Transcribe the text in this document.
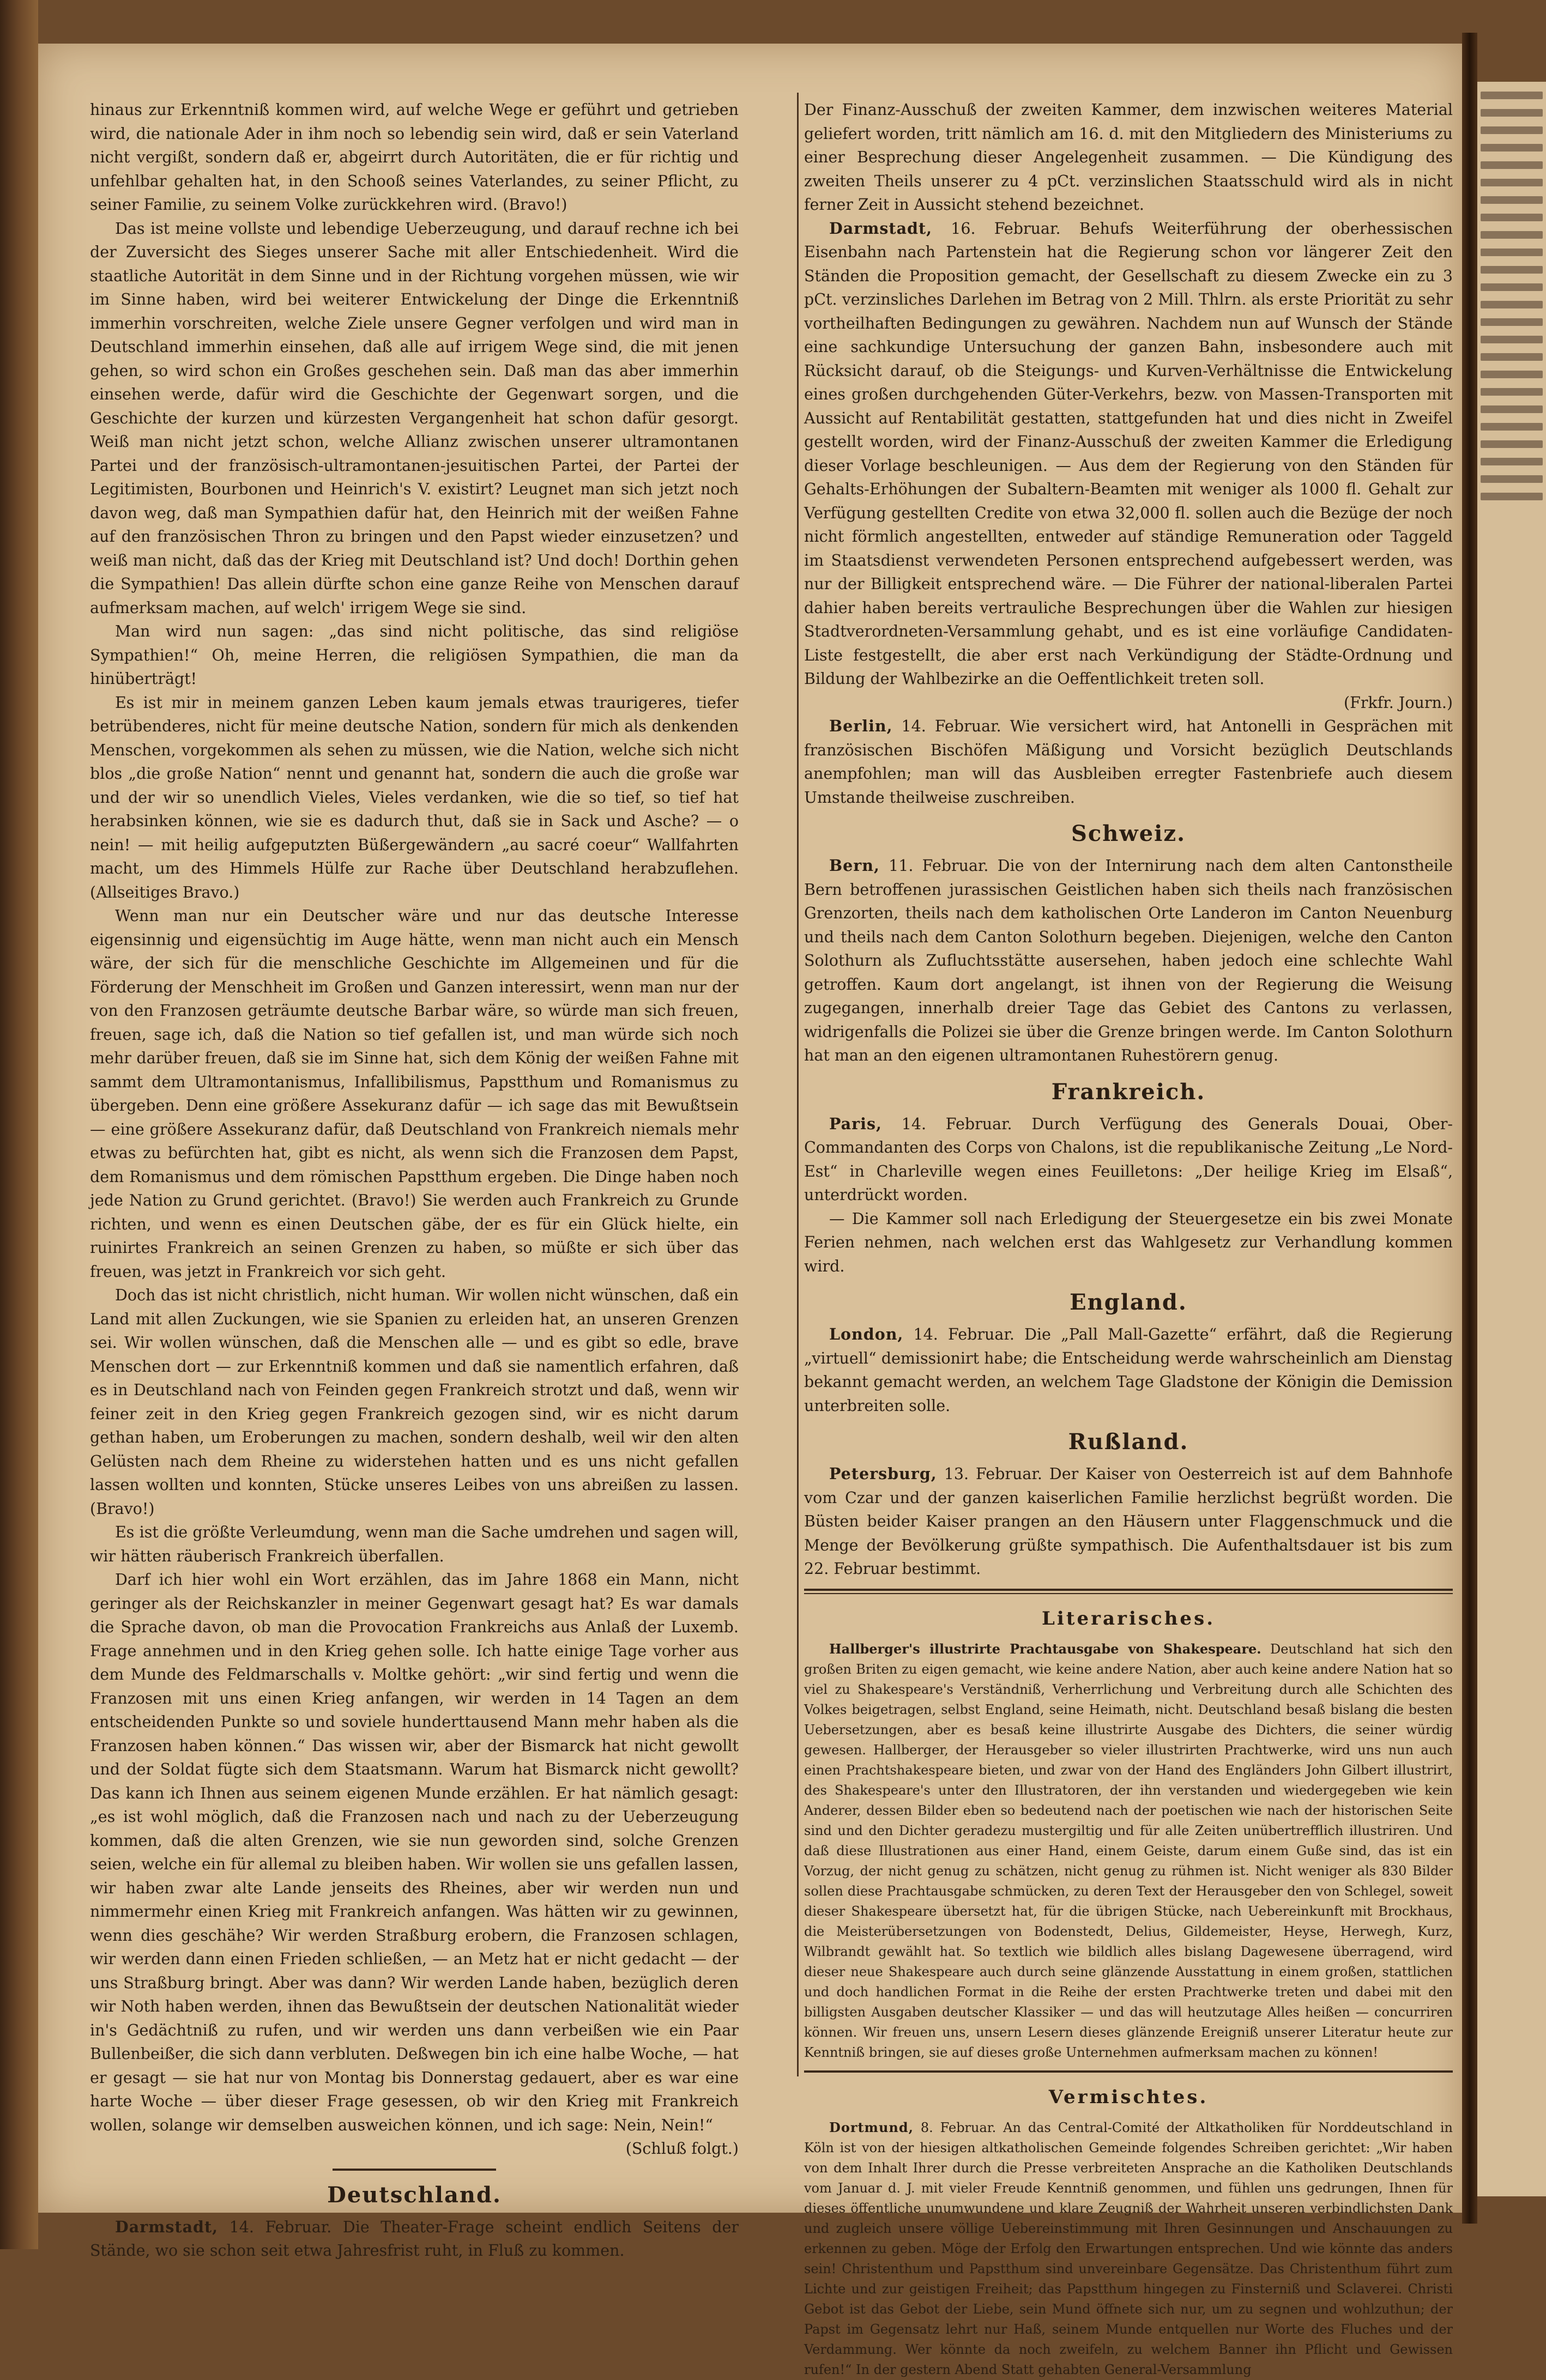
hinaus zur Erkenntniß kommen wird, auf welche Wege er geführt und getrieben wird, die nationale Ader in ihm noch so lebendig sein wird, daß er sein Vaterland nicht vergißt, sondern daß er, abgeirrt durch Autoritäten, die er für richtig und unfehlbar gehalten hat, in den Schooß seines Vaterlandes, zu seiner Pflicht, zu seiner Familie, zu seinem Volke zurückkehren wird. (Bravo!)

Das ist meine vollste und lebendige Ueberzeugung, und darauf rechne ich bei der Zuversicht des Sieges unserer Sache mit aller Entschiedenheit. Wird die staatliche Autorität in dem Sinne und in der Richtung vorgehen müssen, wie wir im Sinne haben, wird bei weiterer Entwickelung der Dinge die Erkenntniß immerhin vorschreiten, welche Ziele unsere Gegner verfolgen und wird man in Deutschland immerhin einsehen, daß alle auf irrigem Wege sind, die mit jenen gehen, so wird schon ein Großes geschehen sein. Daß man das aber immerhin einsehen werde, dafür wird die Geschichte der Gegenwart sorgen, und die Geschichte der kurzen und kürzesten Vergangenheit hat schon dafür gesorgt. Weiß man nicht jetzt schon, welche Allianz zwischen unserer ultramontanen Partei und der französisch-ultramontanen-jesuitischen Partei, der Partei der Legitimisten, Bourbonen und Heinrich's V. existirt? Leugnet man sich jetzt noch davon weg, daß man Sympathien dafür hat, den Heinrich mit der weißen Fahne auf den französischen Thron zu bringen und den Papst wieder einzusetzen? und weiß man nicht, daß das der Krieg mit Deutschland ist? Und doch! Dorthin gehen die Sympathien! Das allein dürfte schon eine ganze Reihe von Menschen darauf aufmerksam machen, auf welch' irrigem Wege sie sind.

Man wird nun sagen: „das sind nicht politische, das sind religiöse Sympathien!“ Oh, meine Herren, die religiösen Sympathien, die man da hinüberträgt!

Es ist mir in meinem ganzen Leben kaum jemals etwas traurigeres, tiefer betrübenderes, nicht für meine deutsche Nation, sondern für mich als denkenden Menschen, vorgekommen als sehen zu müssen, wie die Nation, welche sich nicht blos „die große Nation“ nennt und genannt hat, sondern die auch die große war und der wir so unendlich Vieles, Vieles verdanken, wie die so tief, so tief hat herabsinken können, wie sie es dadurch thut, daß sie in Sack und Asche? — o nein! — mit heilig aufgeputzten Büßergewändern „au sacré coeur“ Wallfahrten macht, um des Himmels Hülfe zur Rache über Deutschland herabzuflehen. (Allseitiges Bravo.)

Wenn man nur ein Deutscher wäre und nur das deutsche Interesse eigensinnig und eigensüchtig im Auge hätte, wenn man nicht auch ein Mensch wäre, der sich für die menschliche Geschichte im Allgemeinen und für die Förderung der Menschheit im Großen und Ganzen interessirt, wenn man nur der von den Franzosen geträumte deutsche Barbar wäre, so würde man sich freuen, freuen, sage ich, daß die Nation so tief gefallen ist, und man würde sich noch mehr darüber freuen, daß sie im Sinne hat, sich dem König der weißen Fahne mit sammt dem Ultramontanismus, Infallibilismus, Papstthum und Romanismus zu übergeben. Denn eine größere Assekuranz dafür — ich sage das mit Bewußtsein — eine größere Assekuranz dafür, daß Deutschland von Frankreich niemals mehr etwas zu befürchten hat, gibt es nicht, als wenn sich die Franzosen dem Papst, dem Romanismus und dem römischen Papstthum ergeben. Die Dinge haben noch jede Nation zu Grund gerichtet. (Bravo!) Sie werden auch Frankreich zu Grunde richten, und wenn es einen Deutschen gäbe, der es für ein Glück hielte, ein ruinirtes Frankreich an seinen Grenzen zu haben, so müßte er sich über das freuen, was jetzt in Frankreich vor sich geht.

Doch das ist nicht christlich, nicht human. Wir wollen nicht wünschen, daß ein Land mit allen Zuckungen, wie sie Spanien zu erleiden hat, an unseren Grenzen sei. Wir wollen wünschen, daß die Menschen alle — und es gibt so edle, brave Menschen dort — zur Erkenntniß kommen und daß sie namentlich erfahren, daß es in Deutschland nach von Feinden gegen Frankreich strotzt und daß, wenn wir feiner zeit in den Krieg gegen Frankreich gezogen sind, wir es nicht darum gethan haben, um Eroberungen zu machen, sondern deshalb, weil wir den alten Gelüsten nach dem Rheine zu widerstehen hatten und es uns nicht gefallen lassen wollten und konnten, Stücke unseres Leibes von uns abreißen zu lassen. (Bravo!)

Es ist die größte Verleumdung, wenn man die Sache umdrehen und sagen will, wir hätten räuberisch Frankreich überfallen.

Darf ich hier wohl ein Wort erzählen, das im Jahre 1868 ein Mann, nicht geringer als der Reichskanzler in meiner Gegenwart gesagt hat? Es war damals die Sprache davon, ob man die Provocation Frankreichs aus Anlaß der Luxemb. Frage annehmen und in den Krieg gehen solle. Ich hatte einige Tage vorher aus dem Munde des Feldmarschalls v. Moltke gehört: „wir sind fertig und wenn die Franzosen mit uns einen Krieg anfangen, wir werden in 14 Tagen an dem entscheidenden Punkte so und soviele hunderttausend Mann mehr haben als die Franzosen haben können.“ Das wissen wir, aber der Bismarck hat nicht gewollt und der Soldat fügte sich dem Staatsmann. Warum hat Bismarck nicht gewollt? Das kann ich Ihnen aus seinem eigenen Munde erzählen. Er hat nämlich gesagt: „es ist wohl möglich, daß die Franzosen nach und nach zu der Ueberzeugung kommen, daß die alten Grenzen, wie sie nun geworden sind, solche Grenzen seien, welche ein für allemal zu bleiben haben. Wir wollen sie uns gefallen lassen, wir haben zwar alte Lande jenseits des Rheines, aber wir werden nun und nimmermehr einen Krieg mit Frankreich anfangen. Was hätten wir zu gewinnen, wenn dies geschähe? Wir werden Straßburg erobern, die Franzosen schlagen, wir werden dann einen Frieden schließen, — an Metz hat er nicht gedacht — der uns Straßburg bringt. Aber was dann? Wir werden Lande haben, bezüglich deren wir Noth haben werden, ihnen das Bewußtsein der deutschen Nationalität wieder in's Gedächtniß zu rufen, und wir werden uns dann verbeißen wie ein Paar Bullenbeißer, die sich dann verbluten. Deßwegen bin ich eine halbe Woche, — hat er gesagt — sie hat nur von Montag bis Donnerstag gedauert, aber es war eine harte Woche — über dieser Frage gesessen, ob wir den Krieg mit Frankreich wollen, solange wir demselben ausweichen können, und ich sage: Nein, Nein!“

(Schluß folgt.)
Deutschland.

Darmstadt, 14. Februar. Die Theater-Frage scheint endlich Seitens der Stände, wo sie schon seit etwa Jahresfrist ruht, in Fluß zu kommen.

Der Finanz-Ausschuß der zweiten Kammer, dem inzwischen weiteres Material geliefert worden, tritt nämlich am 16. d. mit den Mitgliedern des Ministeriums zu einer Besprechung dieser Angelegenheit zusammen. — Die Kündigung des zweiten Theils unserer zu 4 pCt. verzinslichen Staatsschuld wird als in nicht ferner Zeit in Aussicht stehend bezeichnet.

Darmstadt, 16. Februar. Behufs Weiterführung der oberhessischen Eisenbahn nach Partenstein hat die Regierung schon vor längerer Zeit den Ständen die Proposition gemacht, der Gesellschaft zu diesem Zwecke ein zu 3 pCt. verzinsliches Darlehen im Betrag von 2 Mill. Thlrn. als erste Priorität zu sehr vortheilhaften Bedingungen zu gewähren. Nachdem nun auf Wunsch der Stände eine sachkundige Untersuchung der ganzen Bahn, insbesondere auch mit Rücksicht darauf, ob die Steigungs- und Kurven-Verhältnisse die Entwickelung eines großen durchgehenden Güter-Verkehrs, bezw. von Massen-Transporten mit Aussicht auf Rentabilität gestatten, stattgefunden hat und dies nicht in Zweifel gestellt worden, wird der Finanz-Ausschuß der zweiten Kammer die Erledigung dieser Vorlage beschleunigen. — Aus dem der Regierung von den Ständen für Gehalts-Erhöhungen der Subaltern-Beamten mit weniger als 1000 fl. Gehalt zur Verfügung gestellten Credite von etwa 32,000 fl. sollen auch die Bezüge der noch nicht förmlich angestellten, entweder auf ständige Remuneration oder Taggeld im Staatsdienst verwendeten Personen entsprechend aufgebessert werden, was nur der Billigkeit entsprechend wäre. — Die Führer der national-liberalen Partei dahier haben bereits vertrauliche Besprechungen über die Wahlen zur hiesigen Stadtverordneten-Versammlung gehabt, und es ist eine vorläufige Candidaten-Liste festgestellt, die aber erst nach Verkündigung der Städte-Ordnung und Bildung der Wahlbezirke an die Oeffentlichkeit treten soll.

(Frkfr. Journ.)

Berlin, 14. Februar. Wie versichert wird, hat Antonelli in Gesprächen mit französischen Bischöfen Mäßigung und Vorsicht bezüglich Deutschlands anempfohlen; man will das Ausbleiben erregter Fastenbriefe auch diesem Umstande theilweise zuschreiben.

Schweiz.

Bern, 11. Februar. Die von der Internirung nach dem alten Cantonstheile Bern betroffenen jurassischen Geistlichen haben sich theils nach französischen Grenzorten, theils nach dem katholischen Orte Landeron im Canton Neuenburg und theils nach dem Canton Solothurn begeben. Diejenigen, welche den Canton Solothurn als Zufluchtsstätte ausersehen, haben jedoch eine schlechte Wahl getroffen. Kaum dort angelangt, ist ihnen von der Regierung die Weisung zugegangen, innerhalb dreier Tage das Gebiet des Cantons zu verlassen, widrigenfalls die Polizei sie über die Grenze bringen werde. Im Canton Solothurn hat man an den eigenen ultramontanen Ruhestörern genug.

Frankreich.

Paris, 14. Februar. Durch Verfügung des Generals Douai, Ober-Commandanten des Corps von Chalons, ist die republikanische Zeitung „Le Nord-Est“ in Charleville wegen eines Feuilletons: „Der heilige Krieg im Elsaß“, unterdrückt worden.

— Die Kammer soll nach Erledigung der Steuergesetze ein bis zwei Monate Ferien nehmen, nach welchen erst das Wahlgesetz zur Verhandlung kommen wird.

England.

London, 14. Februar. Die „Pall Mall-Gazette“ erfährt, daß die Regierung „virtuell“ demissionirt habe; die Entscheidung werde wahrscheinlich am Dienstag bekannt gemacht werden, an welchem Tage Gladstone der Königin die Demission unterbreiten solle.

Rußland.

Petersburg, 13. Februar. Der Kaiser von Oesterreich ist auf dem Bahnhofe vom Czar und der ganzen kaiserlichen Familie herzlichst begrüßt worden. Die Büsten beider Kaiser prangen an den Häusern unter Flaggenschmuck und die Menge der Bevölkerung grüßte sympathisch. Die Aufenthaltsdauer ist bis zum 22. Februar bestimmt.

Literarisches.

Hallberger's illustrirte Prachtausgabe von Shakespeare. Deutschland hat sich den großen Briten zu eigen gemacht, wie keine andere Nation, aber auch keine andere Nation hat so viel zu Shakespeare's Verständniß, Verherrlichung und Verbreitung durch alle Schichten des Volkes beigetragen, selbst England, seine Heimath, nicht. Deutschland besaß bislang die besten Uebersetzungen, aber es besaß keine illustrirte Ausgabe des Dichters, die seiner würdig gewesen. Hallberger, der Herausgeber so vieler illustrirten Prachtwerke, wird uns nun auch einen Prachtshakespeare bieten, und zwar von der Hand des Engländers John Gilbert illustrirt, des Shakespeare's unter den Illustratoren, der ihn verstanden und wiedergegeben wie kein Anderer, dessen Bilder eben so bedeutend nach der poetischen wie nach der historischen Seite sind und den Dichter geradezu mustergiltig und für alle Zeiten unübertrefflich illustriren. Und daß diese Illustrationen aus einer Hand, einem Geiste, darum einem Guße sind, das ist ein Vorzug, der nicht genug zu schätzen, nicht genug zu rühmen ist. Nicht weniger als 830 Bilder sollen diese Prachtausgabe schmücken, zu deren Text der Herausgeber den von Schlegel, soweit dieser Shakespeare übersetzt hat, für die übrigen Stücke, nach Uebereinkunft mit Brockhaus, die Meisterübersetzungen von Bodenstedt, Delius, Gildemeister, Heyse, Herwegh, Kurz, Wilbrandt gewählt hat. So textlich wie bildlich alles bislang Dagewesene überragend, wird dieser neue Shakespeare auch durch seine glänzende Ausstattung in einem großen, stattlichen und doch handlichen Format in die Reihe der ersten Prachtwerke treten und dabei mit den billigsten Ausgaben deutscher Klassiker — und das will heutzutage Alles heißen — concurriren können. Wir freuen uns, unsern Lesern dieses glänzende Ereigniß unserer Literatur heute zur Kenntniß bringen, sie auf dieses große Unternehmen aufmerksam machen zu können!

Vermischtes.

Dortmund, 8. Februar. An das Central-Comité der Altkatholiken für Norddeutschland in Köln ist von der hiesigen altkatholischen Gemeinde folgendes Schreiben gerichtet: „Wir haben von dem Inhalt Ihrer durch die Presse verbreiteten Ansprache an die Katholiken Deutschlands vom Januar d. J. mit vieler Freude Kenntniß genommen, und fühlen uns gedrungen, Ihnen für dieses öffentliche unumwundene und klare Zeugniß der Wahrheit unseren verbindlichsten Dank und zugleich unsere völlige Uebereinstimmung mit Ihren Gesinnungen und Anschauungen zu erkennen zu geben. Möge der Erfolg den Erwartungen entsprechen. Und wie könnte das anders sein! Christenthum und Papstthum sind unvereinbare Gegensätze. Das Christenthum führt zum Lichte und zur geistigen Freiheit; das Papstthum hingegen zu Finsterniß und Sclaverei. Christi Gebot ist das Gebot der Liebe, sein Mund öffnete sich nur, um zu segnen und wohlzuthun; der Papst im Gegensatz lehrt nur Haß, seinem Munde entquellen nur Worte des Fluches und der Verdammung. Wer könnte da noch zweifeln, zu welchem Banner ihn Pflicht und Gewissen rufen!“ In der gestern Abend Statt gehabten General-Versammlung
